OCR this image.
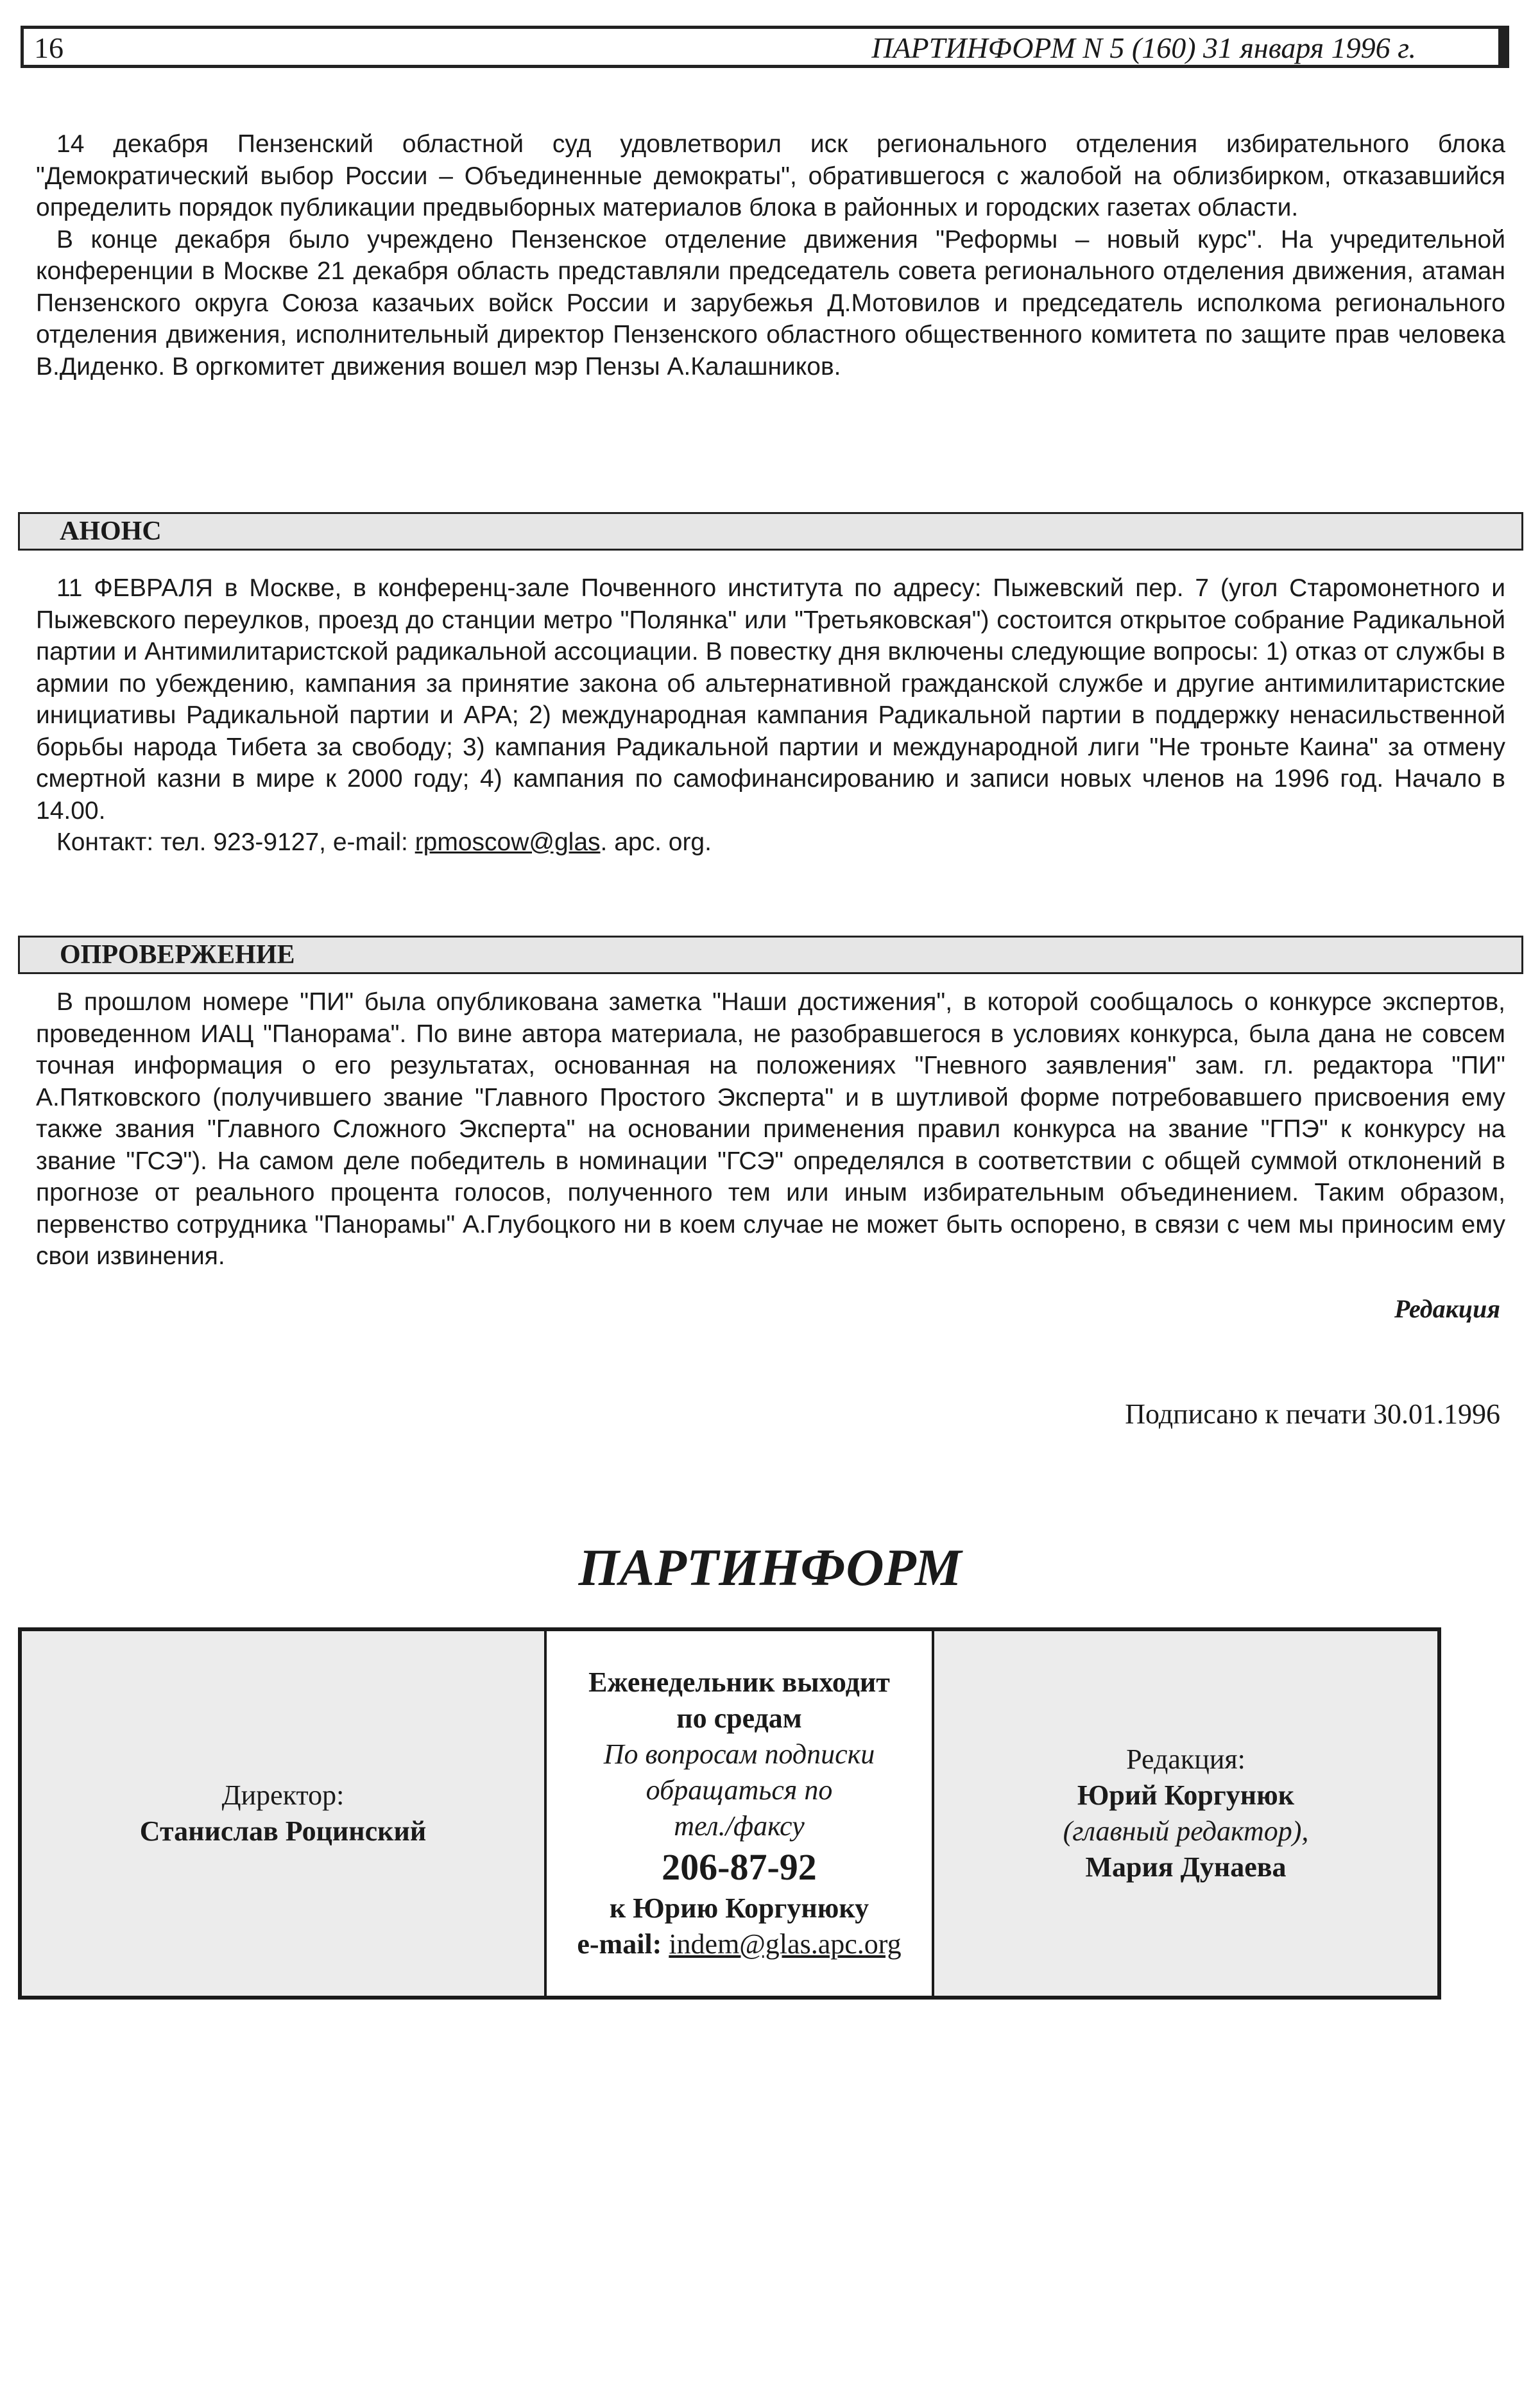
16	ПАРТИНФОРМ N 5 (160) 31 января 1996 г.

14 декабря Пензенский областной суд удовлетворил иск регионального отделения избирательного блока "Демократический выбор России – Объединенные демократы", обратившегося с жалобой на облизбирком, отказавшийся определить порядок публикации предвыборных материалов блока в районных и городских газетах области.

В конце декабря было учреждено Пензенское отделение движения "Реформы – новый курс". На учредительной конференции в Москве 21 декабря область представляли председатель совета регионального отделения движения, атаман Пензенского округа Союза казачьих войск России и зарубежья Д.Мотовилов и председатель исполкома регионального отделения движения, исполнительный директор Пензенского областного общественного комитета по защите прав человека В.Диденко. В оргкомитет движения вошел мэр Пензы А.Калашников.

АНОНС

11 ФЕВРАЛЯ в Москве, в конференц-зале Почвенного института по адресу: Пыжевский пер. 7 (угол Старомонетного и Пыжевского переулков, проезд до станции метро "Полянка" или "Третьяковская") состоится открытое собрание Радикальной партии и Антимилитаристской радикальной ассоциации. В повестку дня включены следующие вопросы: 1) отказ от службы в армии по убеждению, кампания за принятие закона об альтернативной гражданской службе и другие антимилитаристские инициативы Радикальной партии и АРА; 2) международная кампания Радикальной партии в поддержку ненасильственной борьбы народа Тибета за свободу; 3) кампания Радикальной партии и международной лиги "Не троньте Каина" за отмену смертной казни в мире к 2000 году; 4) кампания по самофинансированию и записи новых членов на 1996 год. Начало в 14.00.

Контакт: тел. 923-9127, e-mail: rpmoscow@glas. apc. org.

ОПРОВЕРЖЕНИЕ

В прошлом номере "ПИ" была опубликована заметка "Наши достижения", в которой сообщалось о конкурсе экспертов, проведенном ИАЦ "Панорама". По вине автора материала, не разобравшегося в условиях конкурса, была дана не совсем точная информация о его результатах, основанная на положениях "Гневного заявления" зам. гл. редактора "ПИ" А.Пятковского (получившего звание "Главного Простого Эксперта" и в шутливой форме потребовавшего присвоения ему также звания "Главного Сложного Эксперта" на основании применения правил конкурса на звание "ГПЭ" к конкурсу на звание "ГСЭ"). На самом деле победитель в номинации "ГСЭ" определялся в соответствии с общей суммой отклонений в прогнозе от реального процента голосов, полученного тем или иным избирательным объединением. Таким образом, первенство сотрудника "Панорамы" А.Глубоцкого ни в коем случае не может быть оспорено, в связи с чем мы приносим ему свои извинения.

Редакция
Подписано к печати 30.01.1996
ПАРТИНФОРМ
Директор:
Станислав Роцинский
Еженедельник выходит
по средам
По вопросам подписки
обращаться по
тел./факсу
206-87-92
к Юрию Коргунюку
e-mail: indem@glas.apc.org
Редакция:
Юрий Коргунюк
(главный редактор),
Мария Дунаева
